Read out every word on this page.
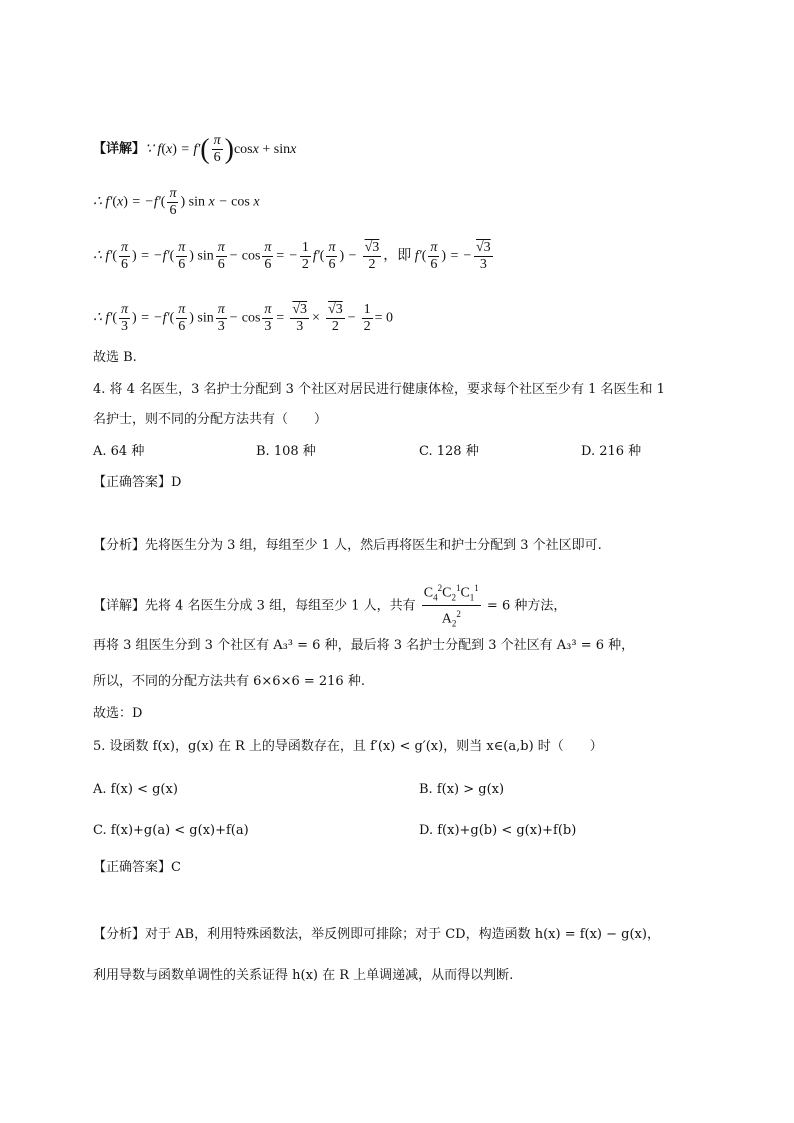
【详解】∵ $f(x) = f'( \frac{\pi}{6} )\cos x + \sin x$
∴ $f'(x) = -f'( \frac{\pi}{6}$ ) sin x − cos x
∴ $f'( \frac{\pi}{6}$ ) = $-f'( \frac{\pi}{6}$ ) $\sin \frac{\pi}{6} - \cos \frac{\pi}{6}$ = − $\frac{1}{2} f'( \frac{\pi}{6}$ ) − $\frac{√3}{2}$ ，即 $f'( \frac{\pi}{6}$ ) = − $\frac{√3}{3}$
∴ $f'( \frac{\pi}{3}$ ) = $-f'( \frac{\pi}{6}$ ) $\sin \frac{\pi}{3} - \cos \frac{\pi}{3} = \frac{√3}{3} \times \frac{√3}{2} - \frac{1}{2} = 0$
故选 B.
4. 将 4 名医生，3 名护士分配到 3 个社区对居民进行健康体检，要求每个社区至少有 1 名医生和 1
名护士，则不同的分配方法共有（　　）
A. 64 种	B. 108 种	C. 128 种	D. 216 种
【正确答案】D
【分析】先将医生分为 3 组，每组至少 1 人，然后再将医生和护士分配到 3 个社区即可.
【详解】先将 4 名医生分成 3 组，每组至少 1 人，共有 $\frac{C_4^2C_2^1C_1^1}{A_2^2} = 6$ 种方法，
再将 3 组医生分到 3 个社区有 A₃³ = 6 种，最后将 3 名护士分配到 3 个社区有 A₃³ = 6 种，
所以，不同的分配方法共有 6×6×6 = 216 种.
故选：D
5. 设函数 f(x)，g(x) 在 R 上的导函数存在，且 f′(x) < g′(x)，则当 x∈(a,b) 时（　　）
A. f(x) < g(x)	B. f(x) > g(x)
C. f(x)+g(a) < g(x)+f(a)	D. f(x)+g(b) < g(x)+f(b)
【正确答案】C
【分析】对于 AB，利用特殊函数法，举反例即可排除；对于 CD，构造函数 h(x) = f(x) − g(x)，
利用导数与函数单调性的关系证得 h(x) 在 R 上单调递减，从而得以判断.
